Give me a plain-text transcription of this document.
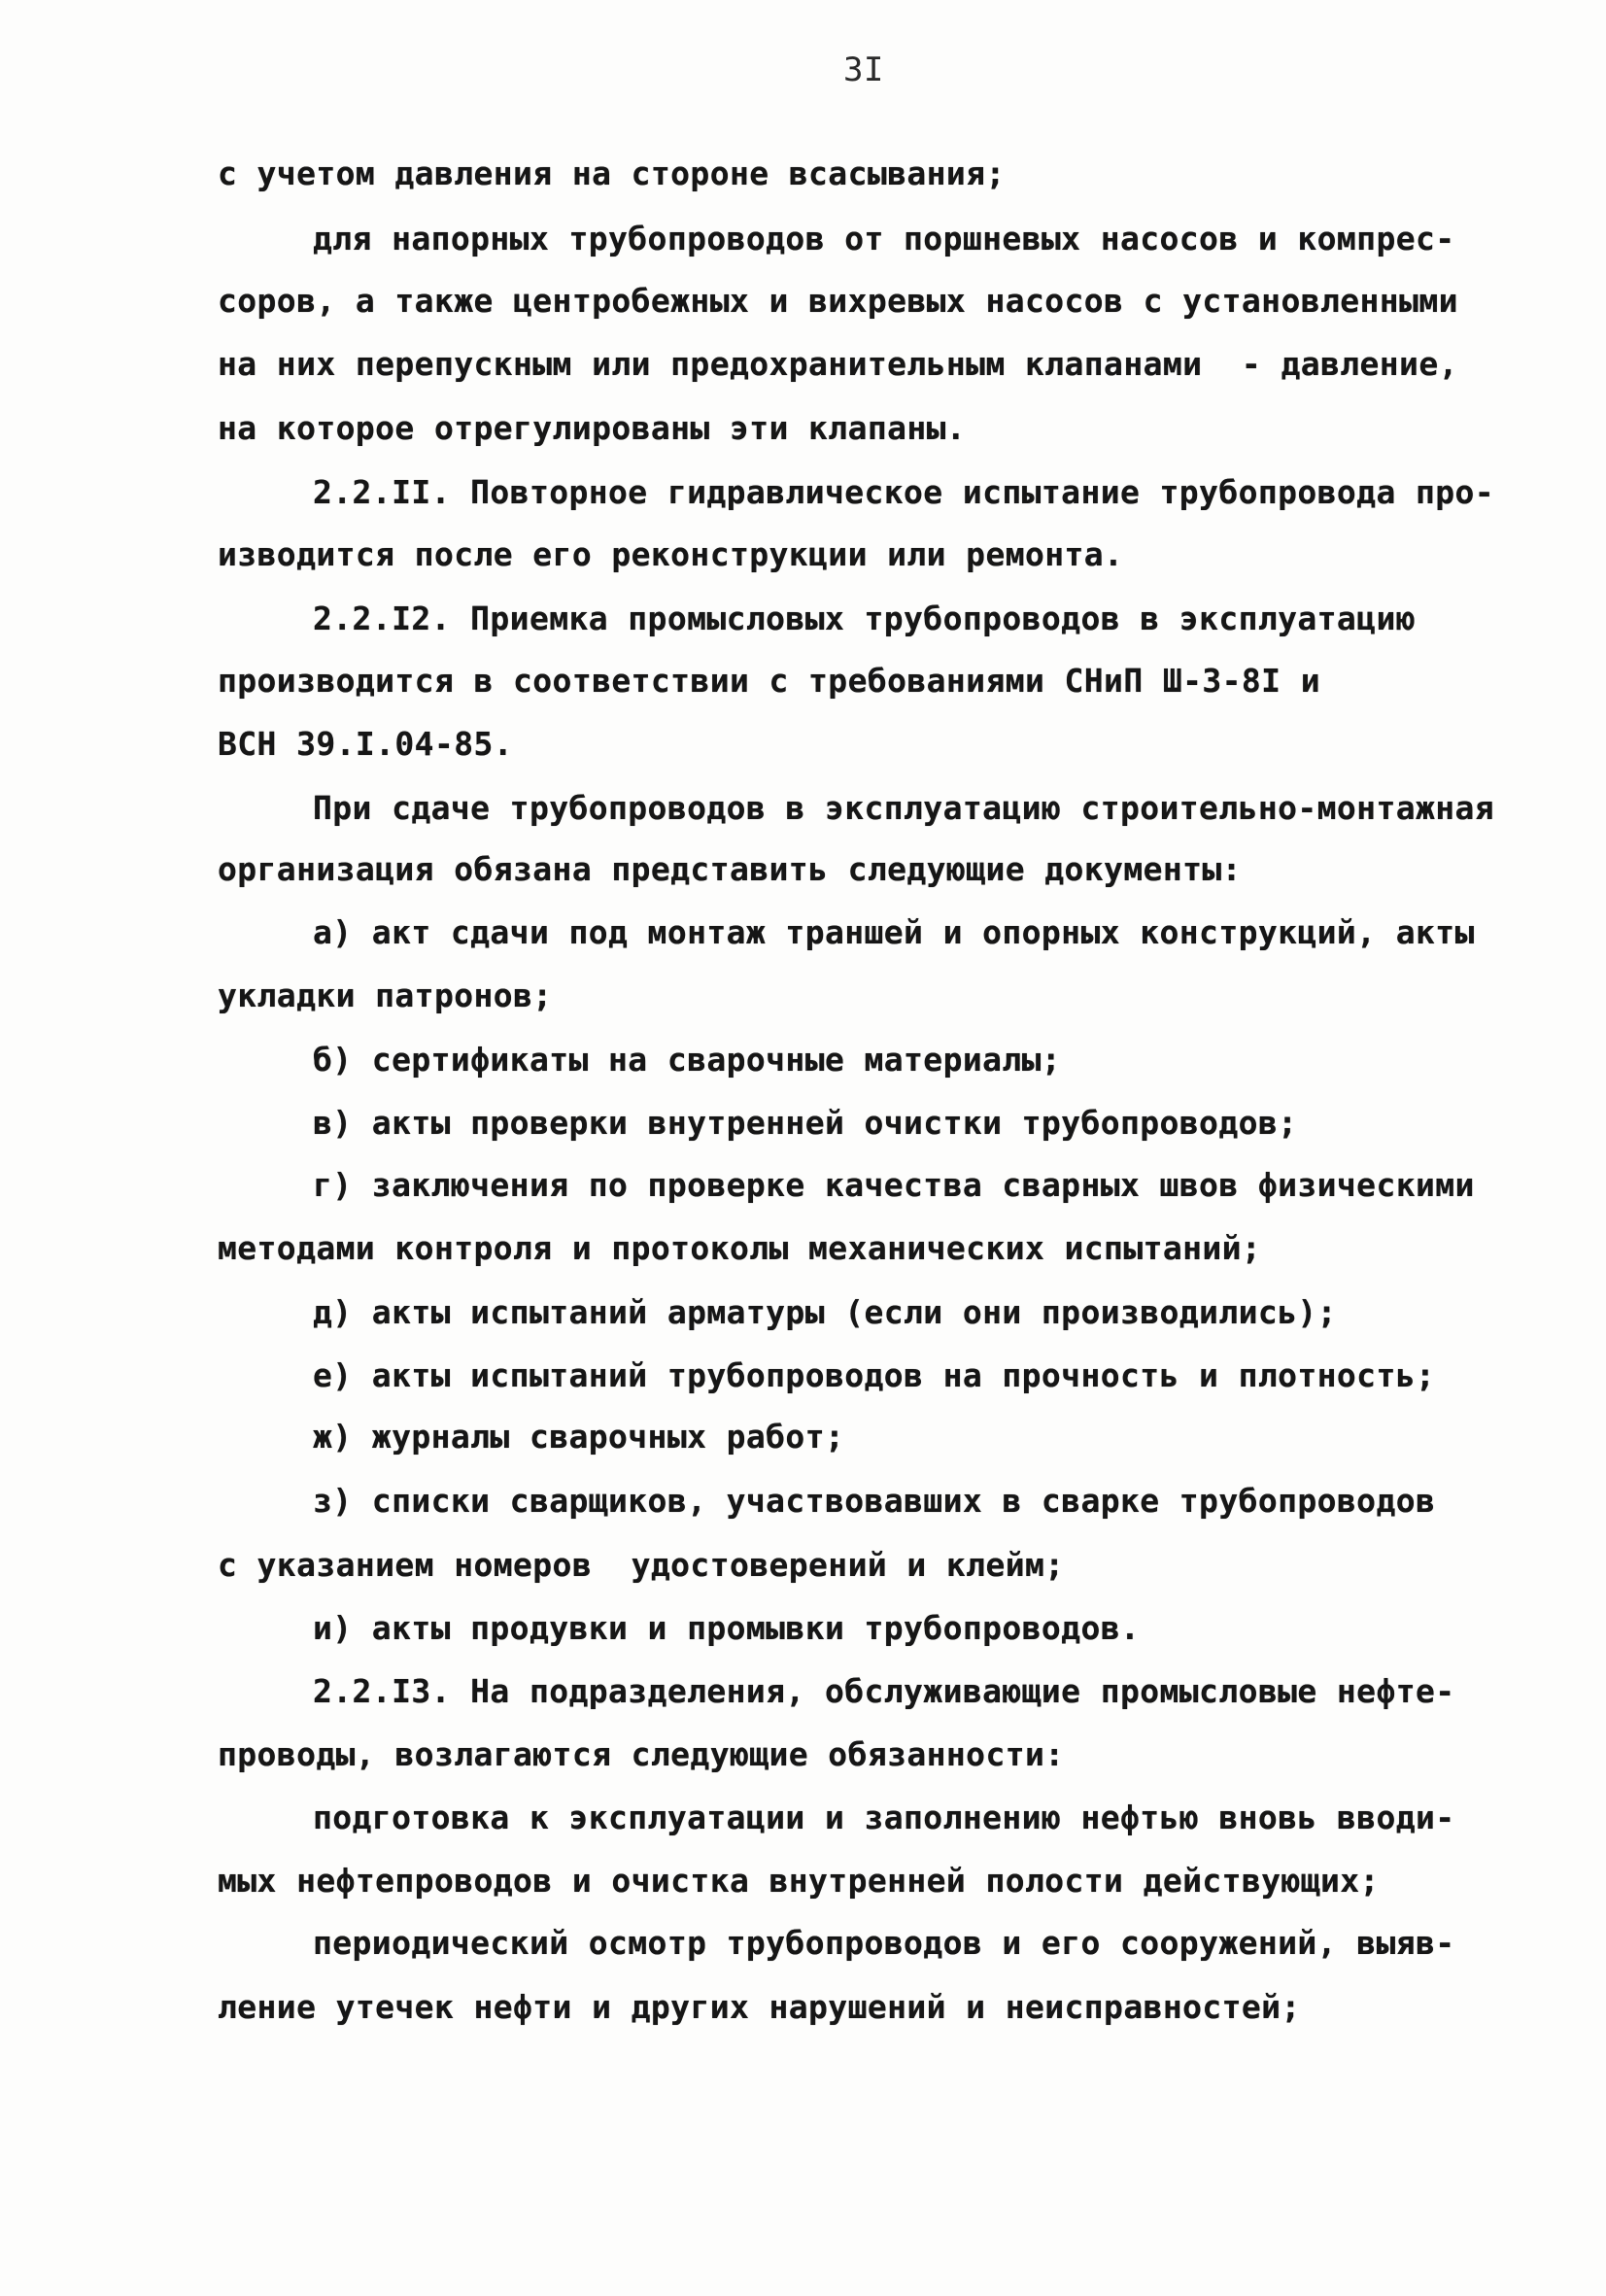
3I
с учетом давления на стороне всасывания;
для напорных трубопроводов от поршневых насосов и компрес-
соров, а также центробежных и вихревых насосов с установленными
на них перепускным или предохранительным клапанами  - давление,
на которое отрегулированы эти клапаны.
2.2.II. Повторное гидравлическое испытание трубопровода про-
изводится после его реконструкции или ремонта.
2.2.I2. Приемка промысловых трубопроводов в эксплуатацию
производится в соответствии с требованиями СНиП Ш-3-8I и
ВСН 39.I.04-85.
При сдаче трубопроводов в эксплуатацию строительно-монтажная
организация обязана представить следующие документы:
а) акт сдачи под монтаж траншей и опорных конструкций, акты
укладки патронов;
б) сертификаты на сварочные материалы;
в) акты проверки внутренней очистки трубопроводов;
г) заключения по проверке качества сварных швов физическими
методами контроля и протоколы механических испытаний;
д) акты испытаний арматуры (если они производились);
е) акты испытаний трубопроводов на прочность и плотность;
ж) журналы сварочных работ;
з) списки сварщиков, участвовавших в сварке трубопроводов
с указанием номеров  удостоверений и клейм;
и) акты продувки и промывки трубопроводов.
2.2.I3. На подразделения, обслуживающие промысловые нефте-
проводы, возлагаются следующие обязанности:
подготовка к эксплуатации и заполнению нефтью вновь вводи-
мых нефтепроводов и очистка внутренней полости действующих;
периодический осмотр трубопроводов и его сооружений, выяв-
ление утечек нефти и других нарушений и неисправностей;
